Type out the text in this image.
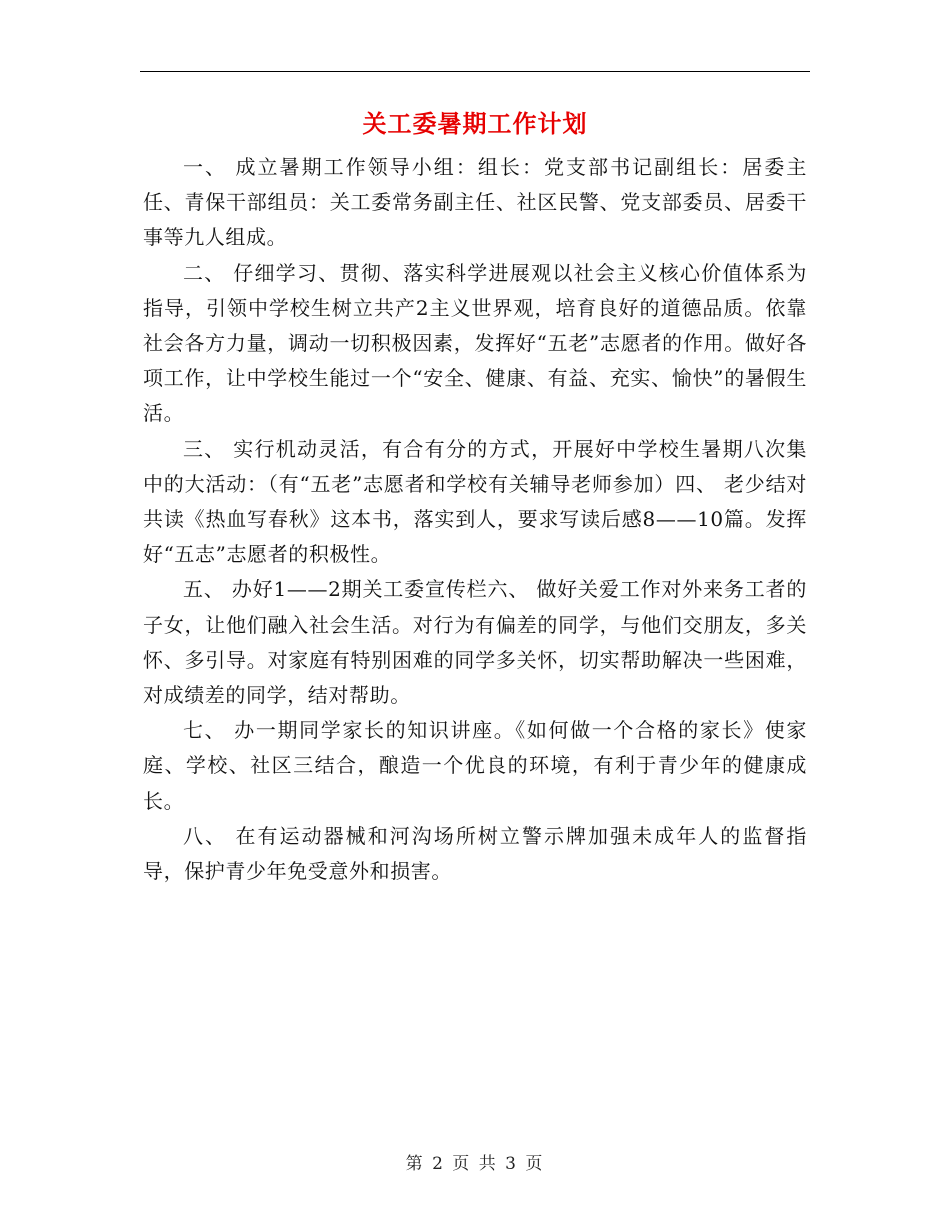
关工委暑期工作计划

一、 成立暑期工作领导小组：组长：党支部书记副组长：居委主任、青保干部组员：关工委常务副主任、社区民警、党支部委员、居委干事等九人组成。

二、 仔细学习、贯彻、落实科学进展观以社会主义核心价值体系为指导，引领中学校生树立共产2主义世界观，培育良好的道德品质。依靠社会各方力量，调动一切积极因素，发挥好“五老”志愿者的作用。做好各项工作，让中学校生能过一个“安全、健康、有益、充实、愉快”的暑假生活。

三、 实行机动灵活，有合有分的方式，开展好中学校生暑期八次集中的大活动：（有“五老”志愿者和学校有关辅导老师参加）四、 老少结对共读《热血写春秋》这本书，落实到人，要求写读后感8——10篇。发挥好“五志”志愿者的积极性。

五、 办好1——2期关工委宣传栏六、 做好关爱工作对外来务工者的子女，让他们融入社会生活。对行为有偏差的同学，与他们交朋友，多关怀、多引导。对家庭有特别困难的同学多关怀，切实帮助解决一些困难，对成绩差的同学，结对帮助。

七、 办一期同学家长的知识讲座。《如何做一个合格的家长》使家庭、学校、社区三结合，酿造一个优良的环境，有利于青少年的健康成长。

八、 在有运动器械和河沟场所树立警示牌加强未成年人的监督指导，保护青少年免受意外和损害。

第 2 页 共 3 页
